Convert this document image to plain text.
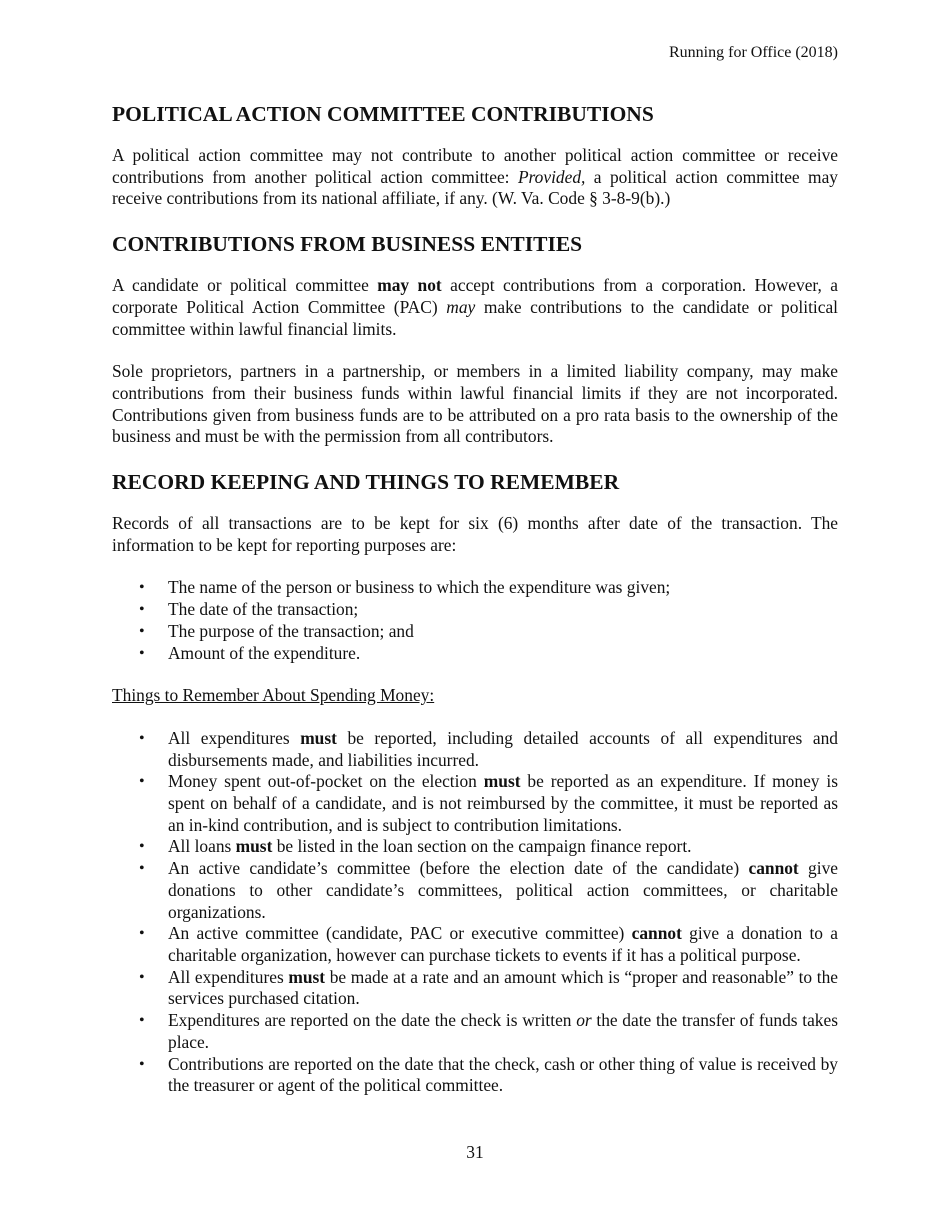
Running for Office (2018)
POLITICAL ACTION COMMITTEE CONTRIBUTIONS

A political action committee may not contribute to another political action committee or receive contributions from another political action committee: Provided, a political action committee may receive contributions from its national affiliate, if any. (W. Va. Code § 3-8-9(b).)

CONTRIBUTIONS FROM BUSINESS ENTITIES

A candidate or political committee may not accept contributions from a corporation. However, a corporate Political Action Committee (PAC) may make contributions to the candidate or political committee within lawful financial limits.

Sole proprietors, partners in a partnership, or members in a limited liability company, may make contributions from their business funds within lawful financial limits if they are not incorporated. Contributions given from business funds are to be attributed on a pro rata basis to the ownership of the business and must be with the permission from all contributors.

RECORD KEEPING AND THINGS TO REMEMBER

Records of all transactions are to be kept for six (6) months after date of the transaction. The information to be kept for reporting purposes are:

• The name of the person or business to which the expenditure was given;
• The date of the transaction;
• The purpose of the transaction; and
• Amount of the expenditure.

Things to Remember About Spending Money:

• All expenditures must be reported, including detailed accounts of all expenditures and disbursements made, and liabilities incurred.
• Money spent out-of-pocket on the election must be reported as an expenditure. If money is spent on behalf of a candidate, and is not reimbursed by the committee, it must be reported as an in-kind contribution, and is subject to contribution limitations.
• All loans must be listed in the loan section on the campaign finance report.
• An active candidate’s committee (before the election date of the candidate) cannot give donations to other candidate’s committees, political action committees, or charitable organizations.
• An active committee (candidate, PAC or executive committee) cannot give a donation to a charitable organization, however can purchase tickets to events if it has a political purpose.
• All expenditures must be made at a rate and an amount which is “proper and reasonable” to the services purchased citation.
• Expenditures are reported on the date the check is written or the date the transfer of funds takes place.
• Contributions are reported on the date that the check, cash or other thing of value is received by the treasurer or agent of the political committee.
31
